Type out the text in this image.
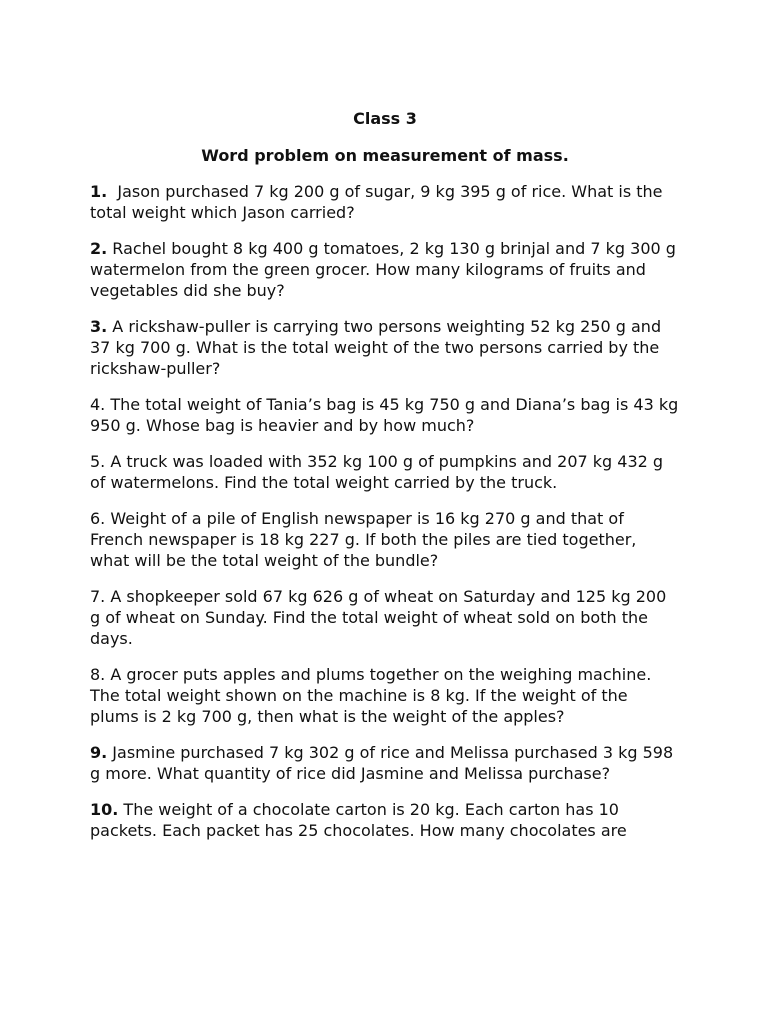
Class 3

Word problem on measurement of mass.

1.  Jason purchased 7 kg 200 g of sugar, 9 kg 395 g of rice. What is the total weight which Jason carried?

2. Rachel bought 8 kg 400 g tomatoes, 2 kg 130 g brinjal and 7 kg 300 g watermelon from the green grocer. How many kilograms of fruits and vegetables did she buy?

3. A rickshaw-puller is carrying two persons weighting 52 kg 250 g and 37 kg 700 g. What is the total weight of the two persons carried by the rickshaw-puller?

4. The total weight of Tania’s bag is 45 kg 750 g and Diana’s bag is 43 kg 950 g. Whose bag is heavier and by how much?

5. A truck was loaded with 352 kg 100 g of pumpkins and 207 kg 432 g of watermelons. Find the total weight carried by the truck.

6. Weight of a pile of English newspaper is 16 kg 270 g and that of French newspaper is 18 kg 227 g. If both the piles are tied together, what will be the total weight of the bundle?

7. A shopkeeper sold 67 kg 626 g of wheat on Saturday and 125 kg 200 g of wheat on Sunday. Find the total weight of wheat sold on both the days.

8. A grocer puts apples and plums together on the weighing machine. The total weight shown on the machine is 8 kg. If the weight of the plums is 2 kg 700 g, then what is the weight of the apples?

9. Jasmine purchased 7 kg 302 g of rice and Melissa purchased 3 kg 598 g more. What quantity of rice did Jasmine and Melissa purchase?

10. The weight of a chocolate carton is 20 kg. Each carton has 10 packets. Each packet has 25 chocolates. How many chocolates are
